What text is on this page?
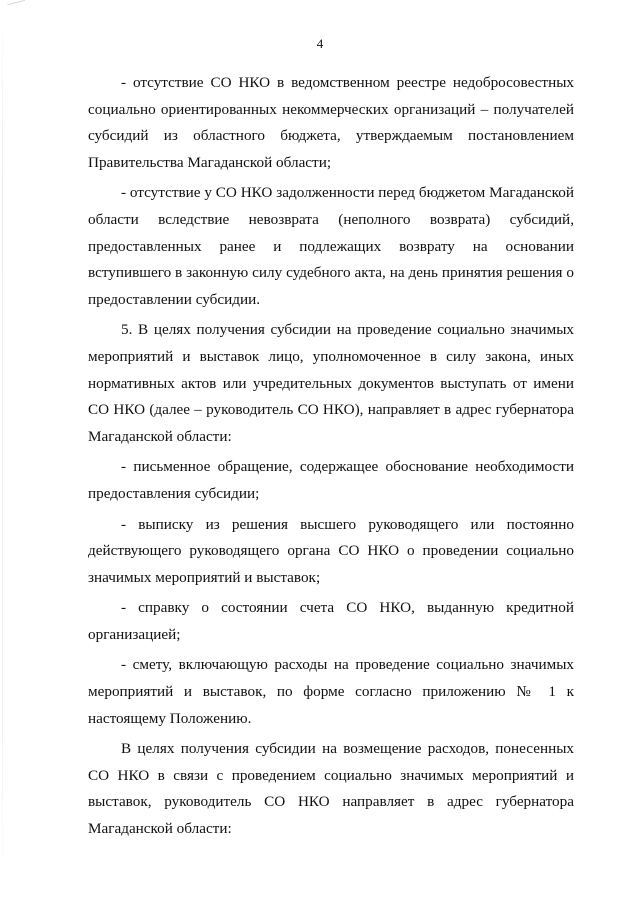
4

- отсутствие СО НКО в ведомственном реестре недобросовестных социально ориентированных некоммерческих организаций – получателей субсидий из областного бюджета, утверждаемым постановлением Правительства Магаданской области;

- отсутствие у СО НКО задолженности перед бюджетом Магаданской области вследствие невозврата (неполного возврата) субсидий, предоставленных ранее и подлежащих возврату на основании вступившего в законную силу судебного акта, на день принятия решения о предоставлении субсидии.

5. В целях получения субсидии на проведение социально значимых мероприятий и выставок лицо, уполномоченное в силу закона, иных нормативных актов или учредительных документов выступать от имени СО НКО (далее – руководитель СО НКО), направляет в адрес губернатора Магаданской области:

- письменное обращение, содержащее обоснование необходимости предоставления субсидии;

- выписку из решения высшего руководящего или постоянно действующего руководящего органа СО НКО о проведении социально значимых мероприятий и выставок;

- справку о состоянии счета СО НКО, выданную кредитной организацией;

- смету, включающую расходы на проведение социально значимых мероприятий и выставок, по форме согласно приложению № 1 к настоящему Положению.

В целях получения субсидии на возмещение расходов, понесенных СО НКО в связи с проведением социально значимых мероприятий и выставок, руководитель СО НКО направляет в адрес губернатора Магаданской области:
